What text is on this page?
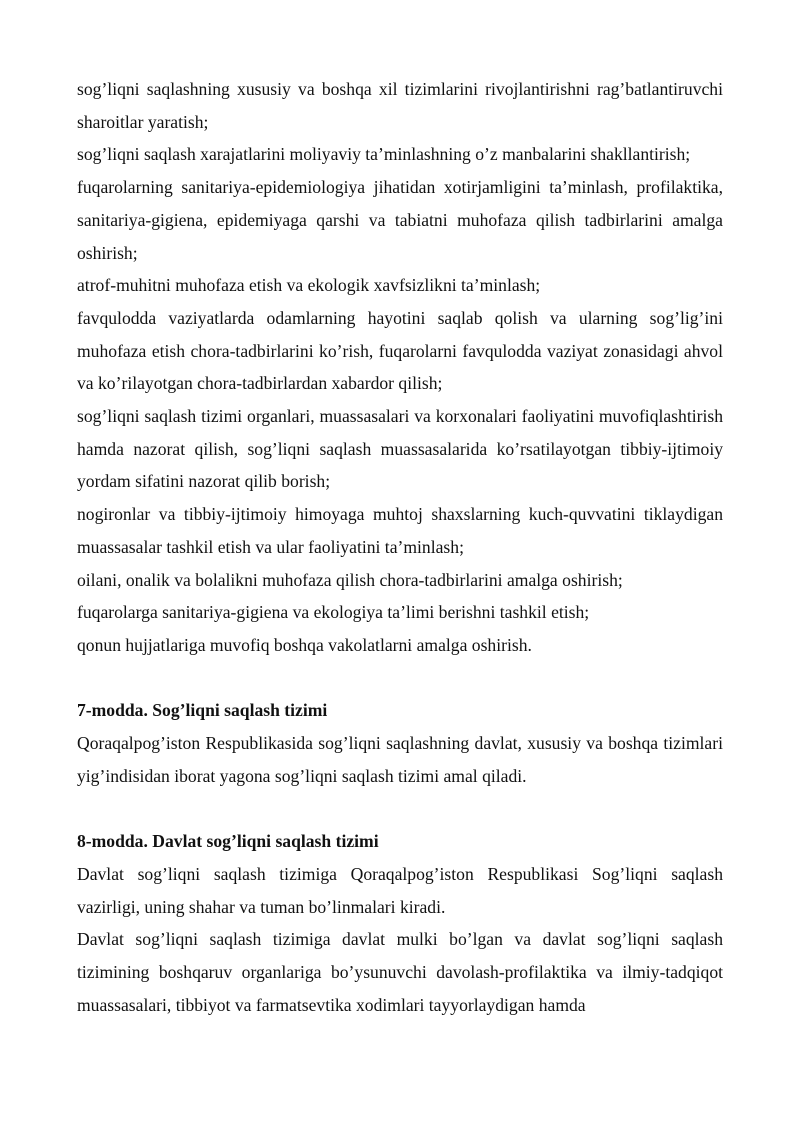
sog’liqni saqlashning xususiy va boshqa xil tizimlarini rivojlantirishni rag’batlantiruvchi sharoitlar yaratish;

sog’liqni saqlash xarajatlarini moliyaviy ta’minlashning o’z manbalarini shakllantirish;

fuqarolarning sanitariya-epidemiologiya jihatidan xotirjamligini ta’minlash, profilaktika, sanitariya-gigiena, epidemiyaga qarshi va tabiatni muhofaza qilish tadbirlarini amalga oshirish;

atrof-muhitni muhofaza etish va ekologik xavfsizlikni ta’minlash;

favqulodda vaziyatlarda odamlarning hayotini saqlab qolish va ularning sog’lig’ini muhofaza etish chora-tadbirlarini ko’rish, fuqarolarni favqulodda vaziyat zonasidagi ahvol va ko’rilayotgan chora-tadbirlardan xabardor qilish;

sog’liqni saqlash tizimi organlari, muassasalari va korxonalari faoliyatini muvofiqlashtirish hamda nazorat qilish, sog’liqni saqlash muassasalarida ko’rsatilayotgan tibbiy-ijtimoiy yordam sifatini nazorat qilib borish;

nogironlar va tibbiy-ijtimoiy himoyaga muhtoj shaxslarning kuch-quvvatini tiklaydigan muassasalar tashkil etish va ular faoliyatini ta’minlash;

oilani, onalik va bolalikni muhofaza qilish chora-tadbirlarini amalga oshirish;

fuqarolarga sanitariya-gigiena va ekologiya ta’limi berishni tashkil etish;

qonun hujjatlariga muvofiq boshqa vakolatlarni amalga oshirish.

7-modda. Sog’liqni saqlash tizimi

Qoraqalpog’iston Respublikasida sog’liqni saqlashning davlat, xususiy va boshqa tizimlari yig’indisidan iborat yagona sog’liqni saqlash tizimi amal qiladi.

8-modda. Davlat sog’liqni saqlash tizimi

Davlat sog’liqni saqlash tizimiga Qoraqalpog’iston Respublikasi Sog’liqni saqlash vazirligi, uning shahar va tuman bo’linmalari kiradi.

Davlat sog’liqni saqlash tizimiga davlat mulki bo’lgan va davlat sog’liqni saqlash tizimining boshqaruv organlariga bo’ysunuvchi davolash-profilaktika va ilmiy-tadqiqot muassasalari, tibbiyot va farmatsevtika xodimlari tayyorlaydigan hamda
